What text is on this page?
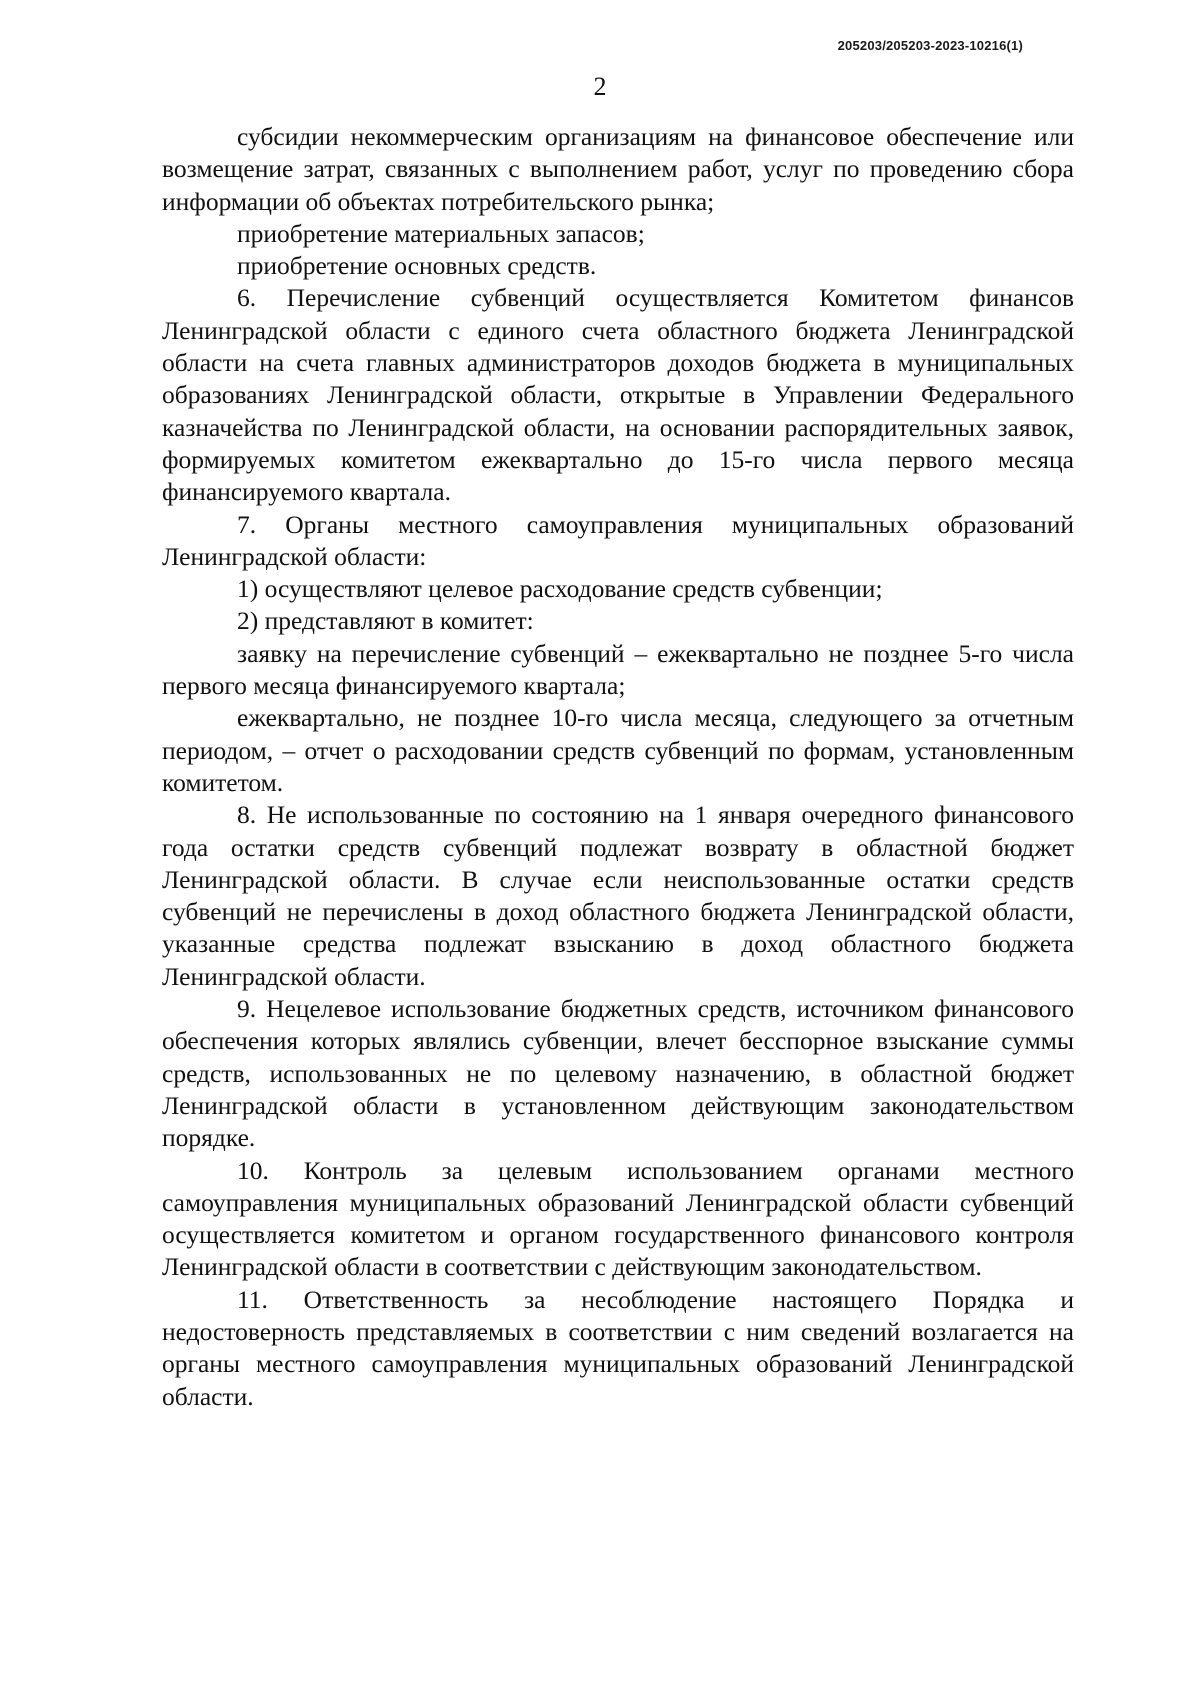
205203/205203-2023-10216(1)
2

субсидии некоммерческим организациям на финансовое обеспечение или возмещение затрат, связанных с выполнением работ, услуг по проведению сбора информации об объектах потребительского рынка;

приобретение материальных запасов;

приобретение основных средств.

6. Перечисление субвенций осуществляется Комитетом финансов Ленинградской области с единого счета областного бюджета Ленинградской области на счета главных администраторов доходов бюджета в муниципальных образованиях Ленинградской области, открытые в Управлении Федерального казначейства по Ленинградской области, на основании распорядительных заявок, формируемых комитетом ежеквартально до 15-го числа первого месяца финансируемого квартала.

7. Органы местного самоуправления муниципальных образований Ленинградской области:

1) осуществляют целевое расходование средств субвенции;

2) представляют в комитет:

заявку на перечисление субвенций – ежеквартально не позднее 5-го числа первого месяца финансируемого квартала;

ежеквартально, не позднее 10-го числа месяца, следующего за отчетным периодом, – отчет о расходовании средств субвенций по формам, установленным комитетом.

8. Не использованные по состоянию на 1 января очередного финансового года остатки средств субвенций подлежат возврату в областной бюджет Ленинградской области. В случае если неиспользованные остатки средств субвенций не перечислены в доход областного бюджета Ленинградской области, указанные средства подлежат взысканию в доход областного бюджета Ленинградской области.

9. Нецелевое использование бюджетных средств, источником финансового обеспечения которых являлись субвенции, влечет бесспорное взыскание суммы средств, использованных не по целевому назначению, в областной бюджет Ленинградской области в установленном действующим законодательством порядке.

10. Контроль за целевым использованием органами местного самоуправления муниципальных образований Ленинградской области субвенций осуществляется комитетом и органом государственного финансового контроля Ленинградской области в соответствии с действующим законодательством.

11. Ответственность за несоблюдение настоящего Порядка и недостоверность представляемых в соответствии с ним сведений возлагается на органы местного самоуправления муниципальных образований Ленинградской области.
